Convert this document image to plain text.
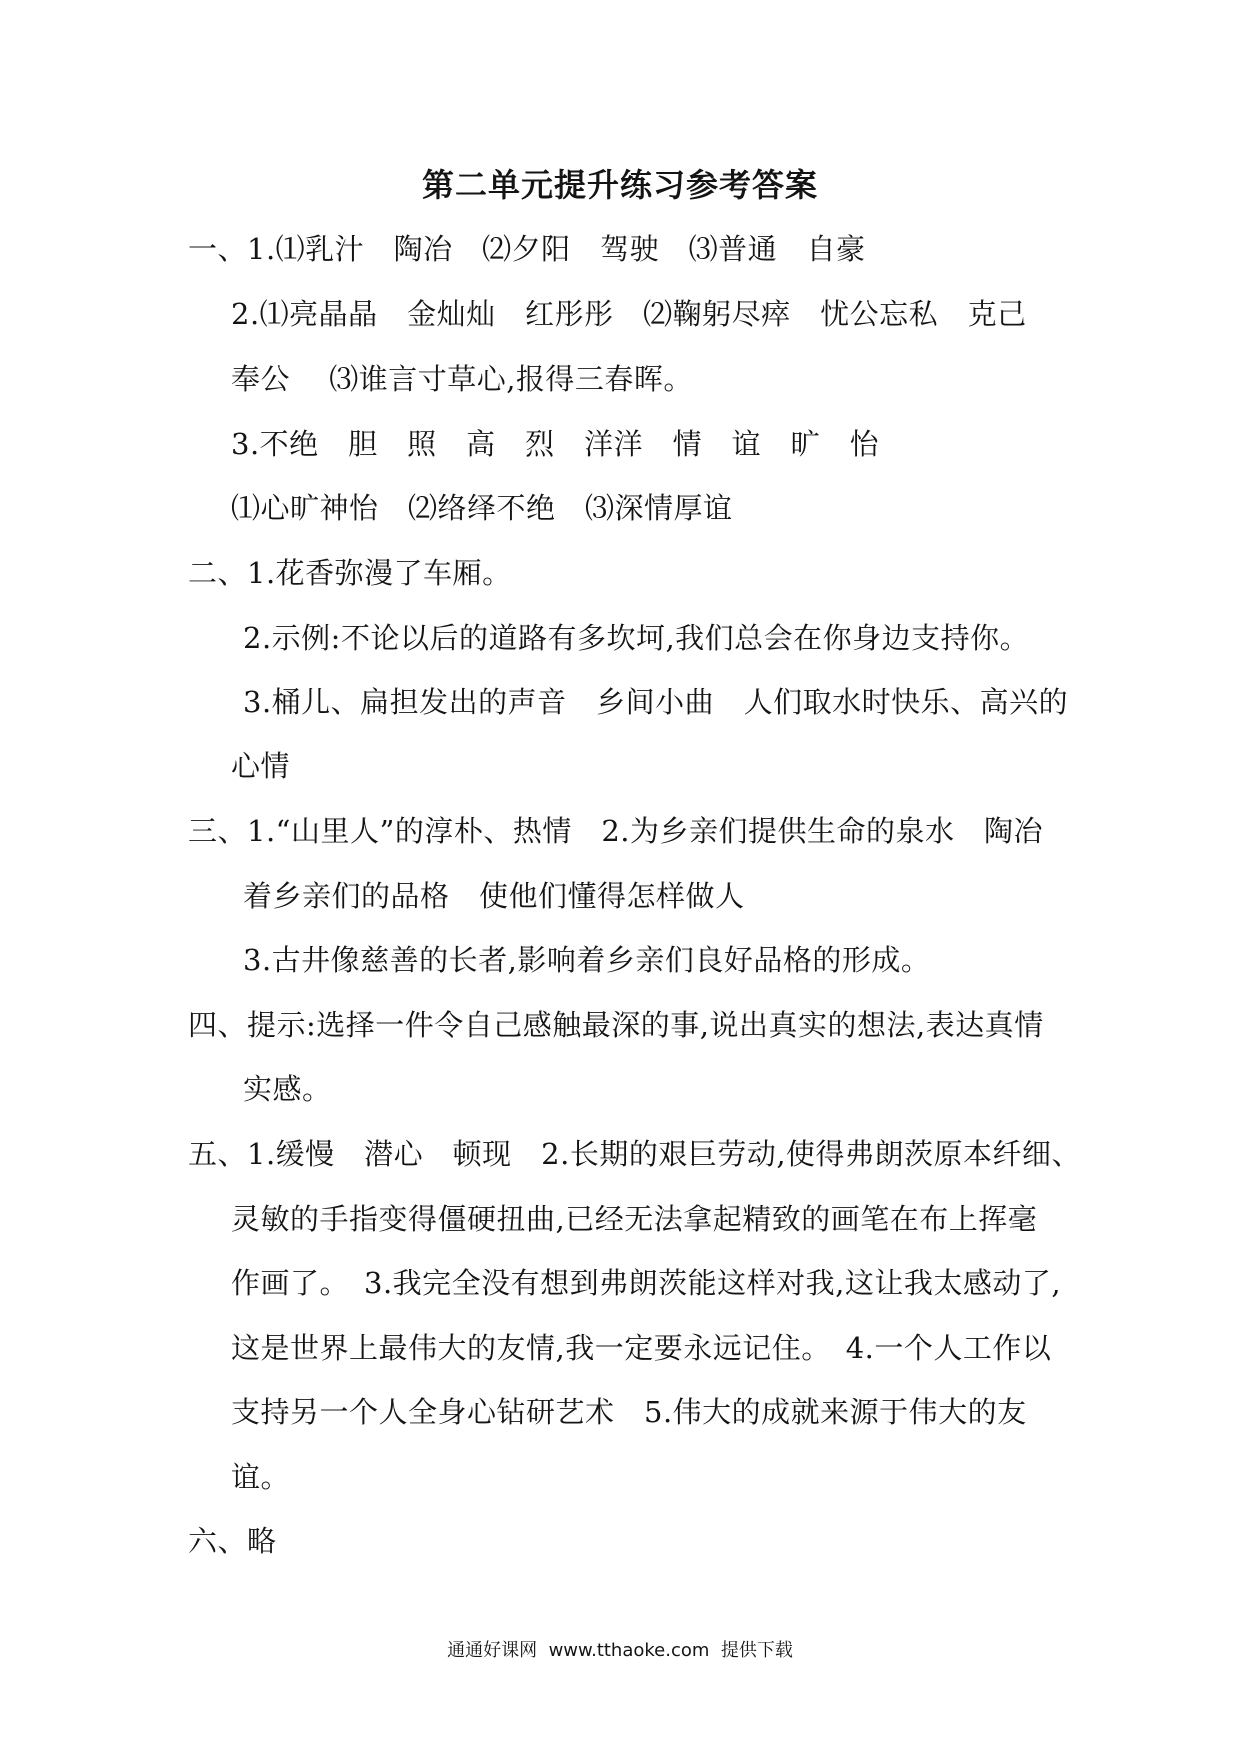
第二单元提升练习参考答案
一、1.⑴乳汁　陶冶　⑵夕阳　驾驶　⑶普通　自豪
2.⑴亮晶晶　金灿灿　红彤彤　⑵鞠躬尽瘁　忧公忘私　克己
奉公　 ⑶谁言寸草心,报得三春晖。
3.不绝　胆　照　高　烈　洋洋　情　谊　旷　怡
⑴心旷神怡　⑵络绎不绝　⑶深情厚谊
二、1.花香弥漫了车厢。
2.示例:不论以后的道路有多坎坷,我们总会在你身边支持你。
3.桶儿、扁担发出的声音　乡间小曲　人们取水时快乐、高兴的
心情
三、1.“山里人”的淳朴、热情　2.为乡亲们提供生命的泉水　陶冶
着乡亲们的品格　使他们懂得怎样做人
3.古井像慈善的长者,影响着乡亲们良好品格的形成。
四、提示:选择一件令自己感触最深的事,说出真实的想法,表达真情
实感。
五、1.缓慢　潜心　顿现　2.长期的艰巨劳动,使得弗朗茨原本纤细、
灵敏的手指变得僵硬扭曲,已经无法拿起精致的画笔在布上挥毫
作画了。　3.我完全没有想到弗朗茨能这样对我,这让我太感动了,
这是世界上最伟大的友情,我一定要永远记住。　4.一个人工作以
支持另一个人全身心钻研艺术　5.伟大的成就来源于伟大的友
谊。
六、略
通通好课网  www.tthaoke.com  提供下载
